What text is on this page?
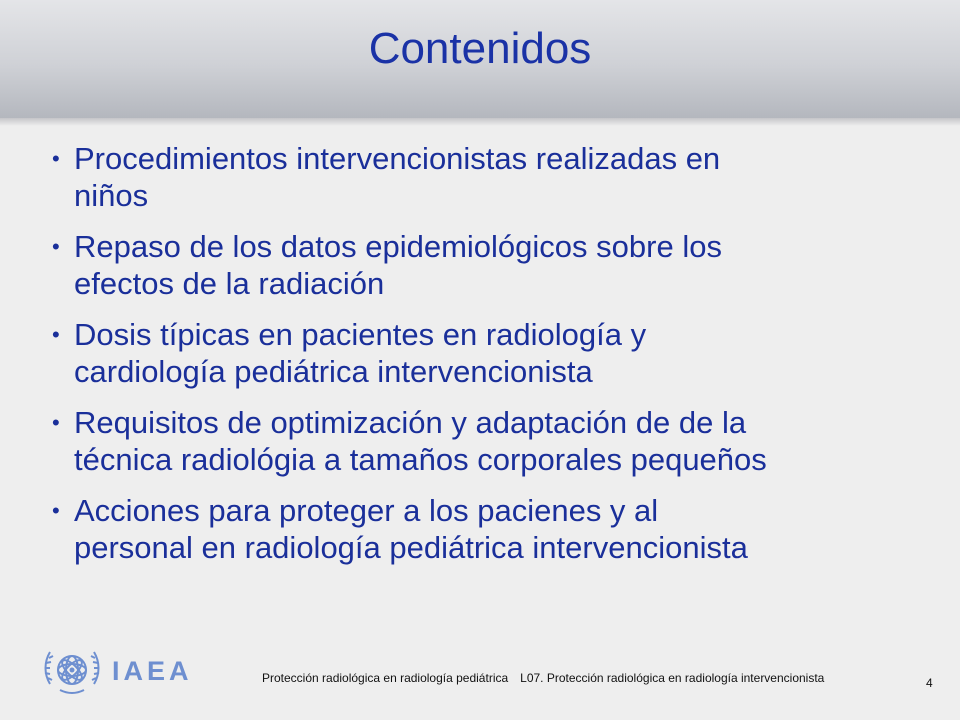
Contenidos
• Procedimientos intervencionistas realizadas en
niños
• Repaso de los datos epidemiológicos sobre los
efectos de la radiación
• Dosis típicas en pacientes en radiología y
cardiología pediátrica intervencionista
• Requisitos de optimización y adaptación de de la
técnica radiológia a tamaños corporales pequeños
• Acciones para proteger a los pacienes y al
personal en radiología pediátrica intervencionista
IAEA	Protección radiológica en radiología pediátrica L07. Protección radiológica en radiología intervencionista	4
